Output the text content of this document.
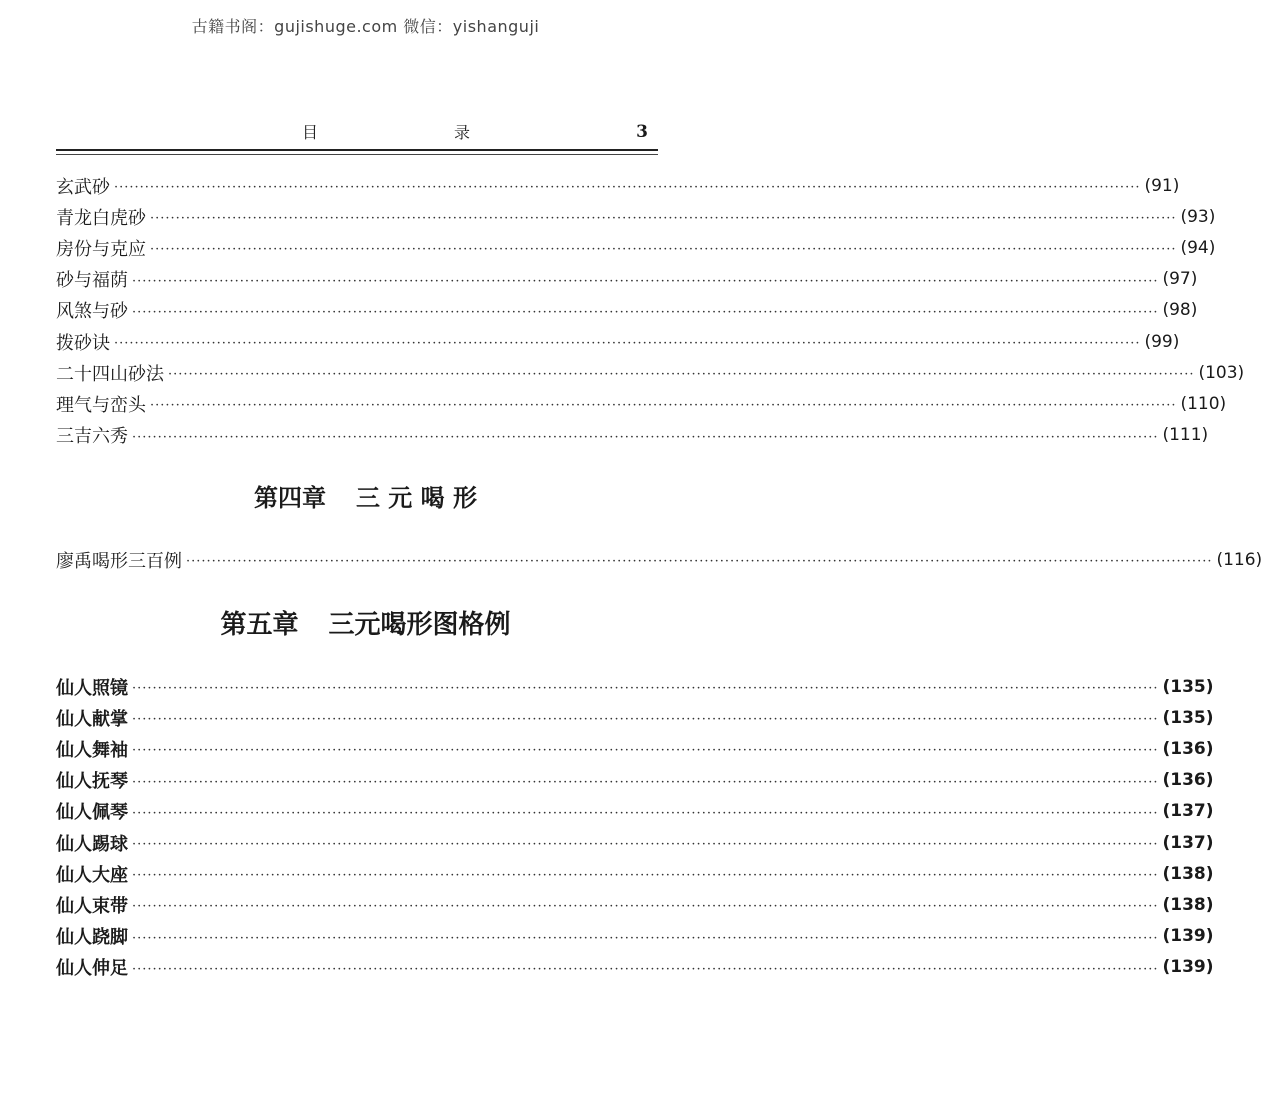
古籍书阁：gujishuge.com 微信：yishanguji
目	录	3
玄武砂 ········································································································································································································ (91)
青龙白虎砂 ········································································································································································································ (93)
房份与克应 ········································································································································································································ (94)
砂与福荫 ········································································································································································································ (97)
风煞与砂 ········································································································································································································ (98)
拨砂诀 ········································································································································································································ (99)
二十四山砂法 ········································································································································································································ (103)
理气与峦头 ········································································································································································································ (110)
三吉六秀 ········································································································································································································ (111)
第四章 三 元 喝 形
廖禹喝形三百例 ········································································································································································································ (116)
第五章 三元喝形图格例
仙人照镜 ········································································································································································································ (135)
仙人献掌 ········································································································································································································ (135)
仙人舞袖 ········································································································································································································ (136)
仙人抚琴 ········································································································································································································ (136)
仙人佩琴 ········································································································································································································ (137)
仙人踢球 ········································································································································································································ (137)
仙人大座 ········································································································································································································ (138)
仙人束带 ········································································································································································································ (138)
仙人跷脚 ········································································································································································································ (139)
仙人伸足 ········································································································································································································ (139)
